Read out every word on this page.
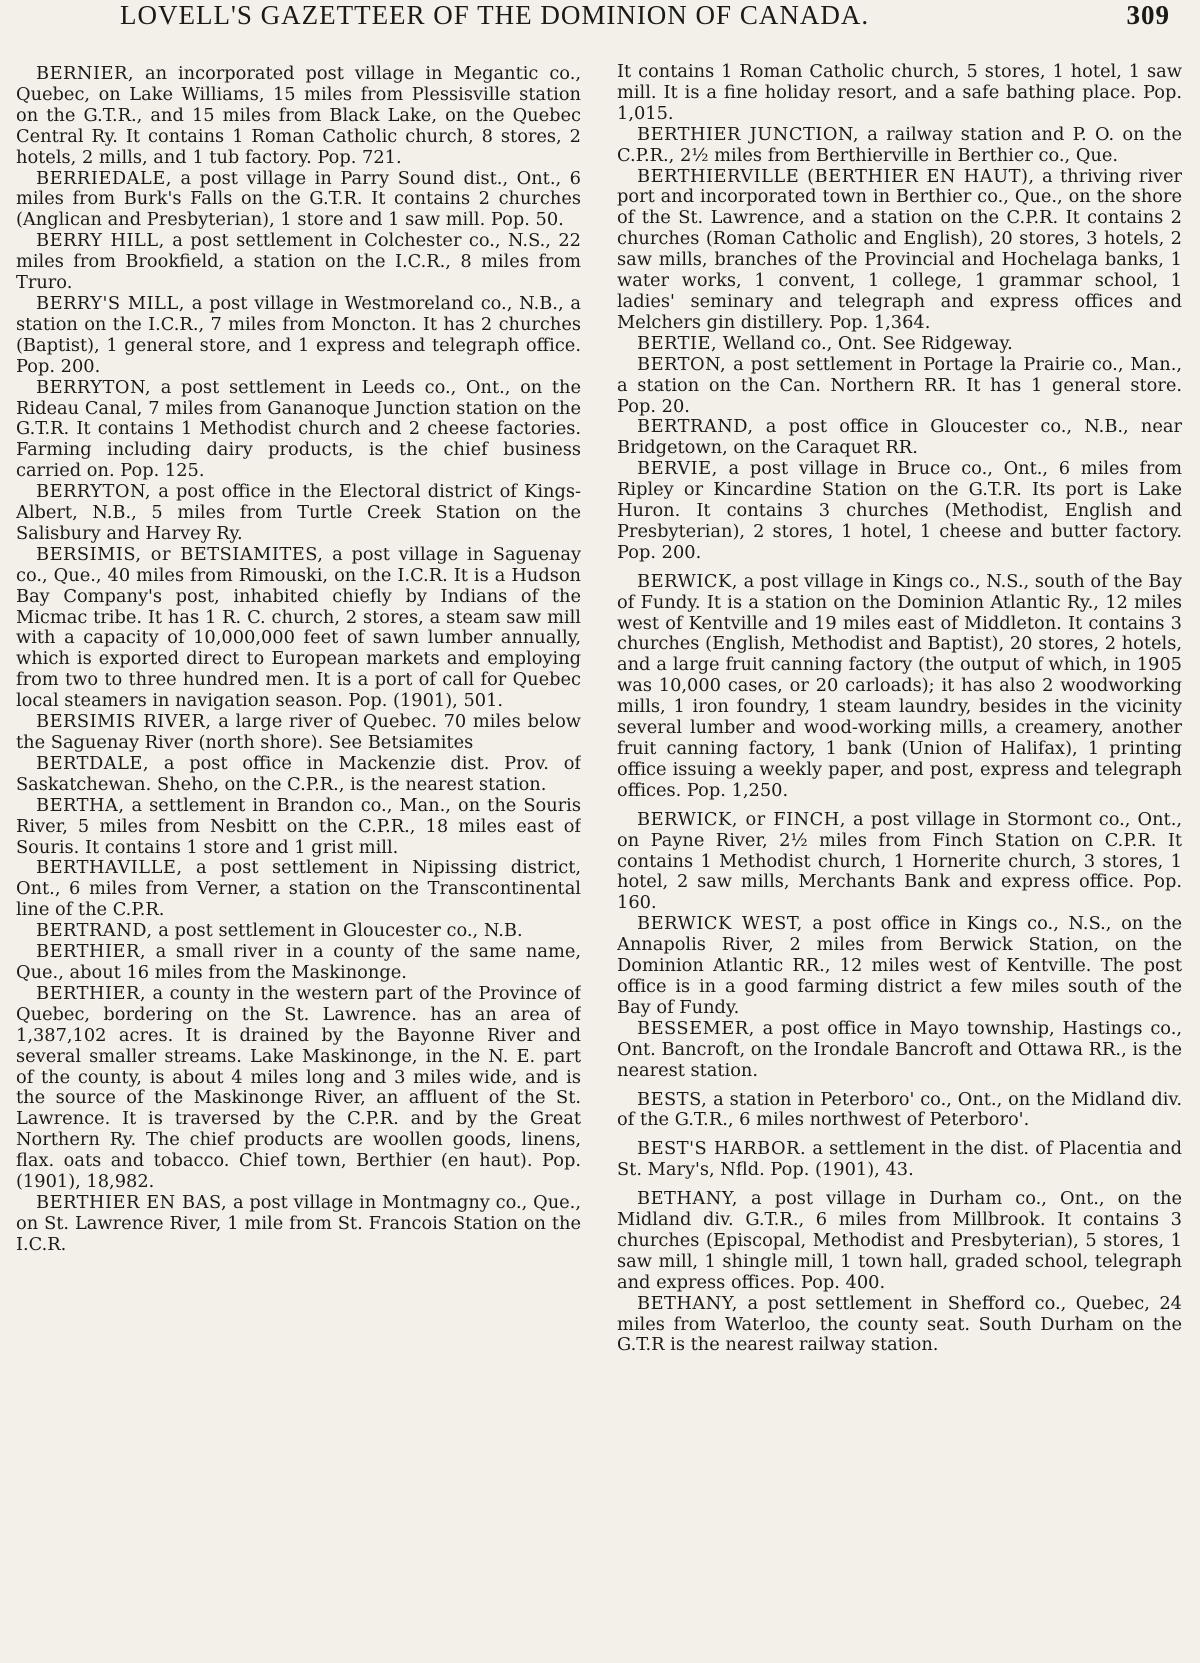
LOVELL'S GAZETTEER OF THE DOMINION OF CANADA.	309

BERNIER, an incorporated post village in Megantic co., Quebec, on Lake Williams, 15 miles from Plessisville station on the G.T.R., and 15 miles from Black Lake, on the Quebec Central Ry. It contains 1 Roman Catholic church, 8 stores, 2 hotels, 2 mills, and 1 tub factory. Pop. 721.

BERRIEDALE, a post village in Parry Sound dist., Ont., 6 miles from Burk's Falls on the G.T.R. It contains 2 churches (Anglican and Presbyterian), 1 store and 1 saw mill. Pop. 50.

BERRY HILL, a post settlement in Colchester co., N.S., 22 miles from Brookfield, a station on the I.C.R., 8 miles from Truro.

BERRY'S MILL, a post village in Westmoreland co., N.B., a station on the I.C.R., 7 miles from Moncton. It has 2 churches (Baptist), 1 general store, and 1 express and telegraph office. Pop. 200.

BERRYTON, a post settlement in Leeds co., Ont., on the Rideau Canal, 7 miles from Gananoque Junction station on the G.T.R. It contains 1 Methodist church and 2 cheese factories. Farming including dairy products, is the chief business carried on. Pop. 125.

BERRYTON, a post office in the Electoral district of Kings-Albert, N.B., 5 miles from Turtle Creek Station on the Salisbury and Harvey Ry.

BERSIMIS, or BETSIAMITES, a post village in Saguenay co., Que., 40 miles from Rimouski, on the I.C.R. It is a Hudson Bay Company's post, inhabited chiefly by Indians of the Micmac tribe. It has 1 R. C. church, 2 stores, a steam saw mill with a capacity of 10,000,000 feet of sawn lumber annually, which is exported direct to European markets and employing from two to three hundred men. It is a port of call for Quebec local steamers in navigation season. Pop. (1901), 501.

BERSIMIS RIVER, a large river of Quebec. 70 miles below the Saguenay River (north shore). See Betsiamites

BERTDALE, a post office in Mackenzie dist. Prov. of Saskatchewan. Sheho, on the C.P.R., is the nearest station.

BERTHA, a settlement in Brandon co., Man., on the Souris River, 5 miles from Nesbitt on the C.P.R., 18 miles east of Souris. It contains 1 store and 1 grist mill.

BERTHAVILLE, a post settlement in Nipissing district, Ont., 6 miles from Verner, a station on the Transcontinental line of the C.P.R.

BERTRAND, a post settlement in Gloucester co., N.B.

BERTHIER, a small river in a county of the same name, Que., about 16 miles from the Maskinonge.

BERTHIER, a county in the western part of the Province of Quebec, bordering on the St. Lawrence. has an area of 1,387,102 acres. It is drained by the Bayonne River and several smaller streams. Lake Maskinonge, in the N. E. part of the county, is about 4 miles long and 3 miles wide, and is the source of the Maskinonge River, an affluent of the St. Lawrence. It is traversed by the C.P.R. and by the Great Northern Ry. The chief products are woollen goods, linens, flax. oats and tobacco. Chief town, Berthier (en haut). Pop. (1901), 18,982.

BERTHIER EN BAS, a post village in Montmagny co., Que., on St. Lawrence River, 1 mile from St. Francois Station on the I.C.R.

It contains 1 Roman Catholic church, 5 stores, 1 hotel, 1 saw mill. It is a fine holiday resort, and a safe bathing place. Pop. 1,015.

BERTHIER JUNCTION, a railway station and P. O. on the C.P.R., 2½ miles from Berthierville in Berthier co., Que.

BERTHIERVILLE (BERTHIER EN HAUT), a thriving river port and incorporated town in Berthier co., Que., on the shore of the St. Lawrence, and a station on the C.P.R. It contains 2 churches (Roman Catholic and English), 20 stores, 3 hotels, 2 saw mills, branches of the Provincial and Hochelaga banks, 1 water works, 1 convent, 1 college, 1 grammar school, 1 ladies' seminary and telegraph and express offices and Melchers gin distillery. Pop. 1,364.

BERTIE, Welland co., Ont. See Ridgeway.

BERTON, a post settlement in Portage la Prairie co., Man., a station on the Can. Northern RR. It has 1 general store. Pop. 20.

BERTRAND, a post office in Gloucester co., N.B., near Bridgetown, on the Caraquet RR.

BERVIE, a post village in Bruce co., Ont., 6 miles from Ripley or Kincardine Station on the G.T.R. Its port is Lake Huron. It contains 3 churches (Methodist, English and Presbyterian), 2 stores, 1 hotel, 1 cheese and butter factory. Pop. 200.

BERWICK, a post village in Kings co., N.S., south of the Bay of Fundy. It is a station on the Dominion Atlantic Ry., 12 miles west of Kentville and 19 miles east of Middleton. It contains 3 churches (English, Methodist and Baptist), 20 stores, 2 hotels, and a large fruit canning factory (the output of which, in 1905 was 10,000 cases, or 20 carloads); it has also 2 woodworking mills, 1 iron foundry, 1 steam laundry, besides in the vicinity several lumber and wood-working mills, a creamery, another fruit canning factory, 1 bank (Union of Halifax), 1 printing office issuing a weekly paper, and post, express and telegraph offices. Pop. 1,250.

BERWICK, or FINCH, a post village in Stormont co., Ont., on Payne River, 2½ miles from Finch Station on C.P.R. It contains 1 Methodist church, 1 Hornerite church, 3 stores, 1 hotel, 2 saw mills, Merchants Bank and express office. Pop. 160.

BERWICK WEST, a post office in Kings co., N.S., on the Annapolis River, 2 miles from Berwick Station, on the Dominion Atlantic RR., 12 miles west of Kentville. The post office is in a good farming district a few miles south of the Bay of Fundy.

BESSEMER, a post office in Mayo township, Hastings co., Ont. Bancroft, on the Irondale Bancroft and Ottawa RR., is the nearest station.

BESTS, a station in Peterboro' co., Ont., on the Midland div. of the G.T.R., 6 miles northwest of Peterboro'.

BEST'S HARBOR. a settlement in the dist. of Placentia and St. Mary's, Nfld. Pop. (1901), 43.

BETHANY, a post village in Durham co., Ont., on the Midland div. G.T.R., 6 miles from Millbrook. It contains 3 churches (Episcopal, Methodist and Presbyterian), 5 stores, 1 saw mill, 1 shingle mill, 1 town hall, graded school, telegraph and express offices. Pop. 400.

BETHANY, a post settlement in Shefford co., Quebec, 24 miles from Waterloo, the county seat. South Durham on the G.T.R is the nearest railway station.
